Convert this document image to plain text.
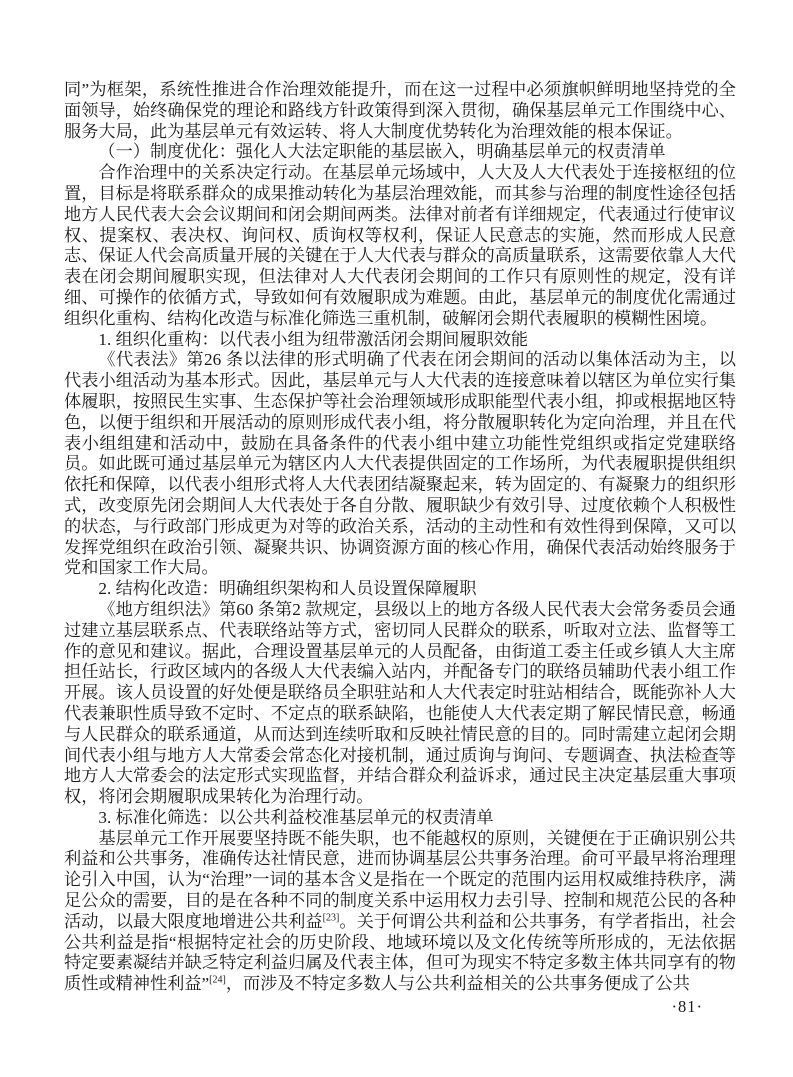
同”为框架，系统性推进合作治理效能提升，而在这一过程中必须旗帜鲜明地坚持党的全面领导，始终确保党的理论和路线方针政策得到深入贯彻，确保基层单元工作围绕中心、服务大局，此为基层单元有效运转、将人大制度优势转化为治理效能的根本保证。

（一）制度优化：强化人大法定职能的基层嵌入，明确基层单元的权责清单

合作治理中的关系决定行动。在基层单元场域中，人大及人大代表处于连接枢纽的位置，目标是将联系群众的成果推动转化为基层治理效能，而其参与治理的制度性途径包括地方人民代表大会会议期间和闭会期间两类。法律对前者有详细规定，代表通过行使审议权、提案权、表决权、询问权、质询权等权利，保证人民意志的实施，然而形成人民意志、保证人代会高质量开展的关键在于人大代表与群众的高质量联系，这需要依靠人大代表在闭会期间履职实现，但法律对人大代表闭会期间的工作只有原则性的规定，没有详细、可操作的依循方式，导致如何有效履职成为难题。由此，基层单元的制度优化需通过组织化重构、结构化改造与标准化筛选三重机制，破解闭会期代表履职的模糊性困境。

1. 组织化重构：以代表小组为纽带激活闭会期间履职效能

《代表法》第26 条以法律的形式明确了代表在闭会期间的活动以集体活动为主，以代表小组活动为基本形式。因此，基层单元与人大代表的连接意味着以辖区为单位实行集体履职，按照民生实事、生态保护等社会治理领域形成职能型代表小组，抑或根据地区特色，以便于组织和开展活动的原则形成代表小组，将分散履职转化为定向治理，并且在代表小组组建和活动中，鼓励在具备条件的代表小组中建立功能性党组织或指定党建联络员。如此既可通过基层单元为辖区内人大代表提供固定的工作场所，为代表履职提供组织依托和保障，以代表小组形式将人大代表团结凝聚起来，转为固定的、有凝聚力的组织形式，改变原先闭会期间人大代表处于各自分散、履职缺少有效引导、过度依赖个人积极性的状态，与行政部门形成更为对等的政治关系，活动的主动性和有效性得到保障，又可以发挥党组织在政治引领、凝聚共识、协调资源方面的核心作用，确保代表活动始终服务于党和国家工作大局。

2. 结构化改造：明确组织架构和人员设置保障履职

《地方组织法》第60 条第2 款规定，县级以上的地方各级人民代表大会常务委员会通过建立基层联系点、代表联络站等方式，密切同人民群众的联系，听取对立法、监督等工作的意见和建议。据此，合理设置基层单元的人员配备，由街道工委主任或乡镇人大主席担任站长，行政区域内的各级人大代表编入站内，并配备专门的联络员辅助代表小组工作开展。该人员设置的好处便是联络员全职驻站和人大代表定时驻站相结合，既能弥补人大代表兼职性质导致不定时、不定点的联系缺陷，也能使人大代表定期了解民情民意，畅通与人民群众的联系通道，从而达到连续听取和反映社情民意的目的。同时需建立起闭会期间代表小组与地方人大常委会常态化对接机制，通过质询与询问、专题调查、执法检查等地方人大常委会的法定形式实现监督，并结合群众利益诉求，通过民主决定基层重大事项权，将闭会期履职成果转化为治理行动。

3. 标准化筛选：以公共利益校准基层单元的权责清单

基层单元工作开展要坚持既不能失职，也不能越权的原则，关键便在于正确识别公共利益和公共事务，准确传达社情民意，进而协调基层公共事务治理。俞可平最早将治理理论引入中国，认为“治理”一词的基本含义是指在一个既定的范围内运用权威维持秩序，满足公众的需要，目的是在各种不同的制度关系中运用权力去引导、控制和规范公民的各种活动，以最大限度地增进公共利益[23]。关于何谓公共利益和公共事务，有学者指出，社会公共利益是指“根据特定社会的历史阶段、地域环境以及文化传统等所形成的，无法依据特定要素凝结并缺乏特定利益归属及代表主体，但可为现实不特定多数主体共同享有的物质性或精神性利益”[24]，而涉及不特定多数人与公共利益相关的公共事务便成了公共

·81·
